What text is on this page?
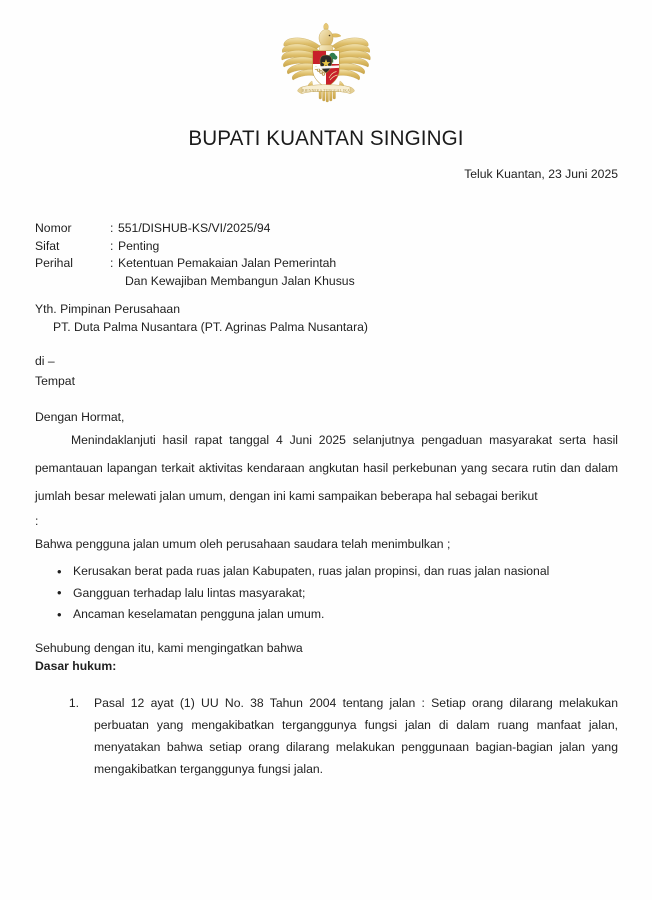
BHINNEKA TUNGGAL IKA
BUPATI KUANTAN SINGINGI
Teluk Kuantan, 23 Juni 2025
Nomor	: 551/DISHUB-KS/VI/2025/94
Sifat	: Penting
Perihal	: Ketentuan Pemakaian Jalan Pemerintah
Dan Kewajiban Membangun Jalan Khusus
Yth. Pimpinan Perusahaan
PT. Duta Palma Nusantara (PT. Agrinas Palma Nusantara)
di –
Tempat
Dengan Hormat,

Menindaklanjuti hasil rapat tanggal 4 Juni 2025 selanjutnya pengaduan masyarakat serta hasil pemantauan lapangan terkait aktivitas kendaraan angkutan hasil perkebunan yang secara rutin dan dalam jumlah besar melewati jalan umum, dengan ini kami sampaikan beberapa hal sebagai berikut

:
Bahwa pengguna jalan umum oleh perusahaan saudara telah menimbulkan ;
• Kerusakan berat pada ruas jalan Kabupaten, ruas jalan propinsi, dan ruas jalan nasional
• Gangguan terhadap lalu lintas masyarakat;
• Ancaman keselamatan pengguna jalan umum.
Sehubung dengan itu, kami mengingatkan bahwa
Dasar hukum:
Pasal 12 ayat (1) UU No. 38 Tahun 2004 tentang jalan : Setiap orang dilarang melakukan perbuatan yang mengakibatkan terganggunya fungsi jalan di dalam ruang manfaat jalan, menyatakan bahwa setiap orang dilarang melakukan penggunaan bagian-bagian jalan yang mengakibatkan terganggunya fungsi jalan.
